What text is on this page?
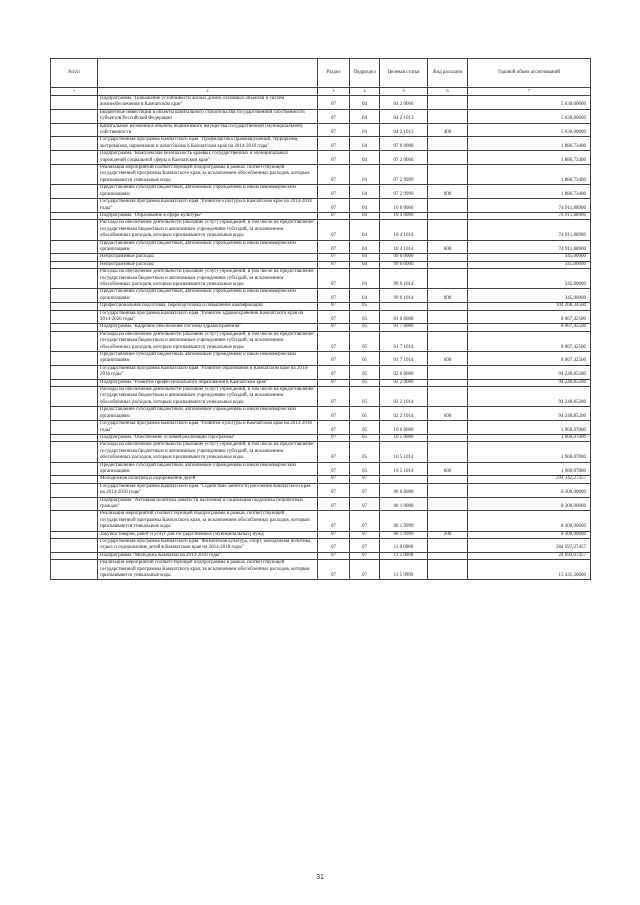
№п/п		Раздел	Подраздел	Целевая статья	Вид расходов	Годовой объем ассигнований
1	2	3	4	5	6	7
	Подпрограмма "Повышение устойчивости жилых домов, основных объектов и систем жизнеобеспечения в Камчатском крае"	07	04	04 2 0000		5 630,00000
	Бюджетные инвестиции в объекты капитального строительства государственной собственности субъектов Российской Федерации	07	04	04 2 1013		5 630,00000
	Капитальные вложения в объекты недвижимого имущества государственной (муниципальной) собственности	07	04	04 2 1013	400	5 630,00000
	Государственная программа Камчатского края "Профилактика правонарушений, терроризма, экстремизма, наркомании и алкоголизма в Камчатском крае на 2014-2018 годы"	07	04	07 0 0000		1 886,73400
	Подпрограмма "Комплексная безопасность краевых государственных и муниципальных учреждений социальной сферы в Камчатском крае"	07	04	07 2 0000		1 886,73400
	Реализация мероприятий соответствующей подпрограммы в рамках соответствующей государственной программы Камчатского края, за исключением обособленных расходов, которым присваиваются уникальные коды	07	04	07 2 9999		1 886,73400
	Предоставление субсидий бюджетным, автономным учреждениям и иным некоммерческим организациям	07	04	07 2 9999	600	1 886,73400
	Государственная программа Камчатского края "Развитие культуры в Камчатском крае на 2014-2018 годы"	07	04	10 0 0000		74 911,88900
	Подпрограмма "Образование в сфере культуры"	07	04	10 4 0000		74 911,88900
	Расходы на обеспечение деятельности (оказание услуг) учреждений, в том числе на предоставление государственным бюджетным и автономным учреждениям субсидий, за исключением обособленных расходов, которым присваиваются уникальные коды	07	04	10 4 1014		74 911,88900
	Предоставление субсидий бюджетным, автономным учреждениям и иным некоммерческим организациям	07	04	10 4 1014	600	74 911,88900
	Непрограммные расходы	07	04	99 0 0000		345,00000
	Непрограммные расходы	07	04	99 0 0000		345,00000
	Расходы на обеспечение деятельности (оказание услуг) учреждений, в том числе на предоставление государственным бюджетным и автономным учреждениям субсидий, за исключением обособленных расходов, которым присваиваются уникальные коды	07	04	99 0 1014		345,00000
	Предоставление субсидий бюджетным, автономным учреждениям и иным некоммерческим организациям	07	04	99 0 1014	600	345,00000
	Профессиональная подготовка, переподготовка и повышение квалификации	07	05			104 268,34500
	Государственная программа Камчатского края "Развитие здравоохранения Камчатского края на 2014-2020 годы"	07	05	01 0 0000		8 067,42500
	Подпрограмма "Кадровое обеспечение системы здравоохранения"	07	05	01 7 0000		8 067,42500
	Расходы на обеспечение деятельности (оказание услуг) учреждений, в том числе на предоставление государственным бюджетным и автономным учреждениям субсидий, за исключением обособленных расходов, которым присваиваются уникальные коды	07	05	01 7 1014		8 067,42500
	Предоставление субсидий бюджетным, автономным учреждениям и иным некоммерческим организациям	07	05	01 7 1014	600	8 067,42500
	Государственная программа Камчатского края "Развитие образования в Камчатском крае на 2014-2016 годы"	07	05	02 0 0000		94 240,85200
	Подпрограмма "Развитие профессионального образования в Камчатском крае"	07	05	02 2 0000		94 240,85200
	Расходы на обеспечение деятельности (оказание услуг) учреждений, в том числе на предоставление государственным бюджетным и автономным учреждениям субсидий, за исключением обособленных расходов, которым присваиваются уникальные коды	07	05	02 2 1014		94 240,85200
	Предоставление субсидий бюджетным, автономным учреждениям и иным некоммерческим организациям	07	05	02 2 1014	600	94 240,85200
	Государственная программа Камчатского края "Развитие культуры в Камчатском крае на 2014-2018 годы"	07	05	10 0 0000		1 960,07000
	Подпрограмма "Обеспечение условий реализации Программы"	07	05	10 5 0000		1 960,07000
	Расходы на обеспечение деятельности (оказание услуг) учреждений, в том числе на предоставление государственным бюджетным и автономным учреждениям субсидий, за исключением обособленных расходов, которым присваиваются уникальные коды	07	05	10 5 1014		1 960,07000
	Предоставление субсидий бюджетным, автономным учреждениям и иным некоммерческим организациям	07	05	10 5 1014	600	1 960,07000
	Молодежная политика и оздоровление детей	07	07			294 342,27457
	Государственная программа Камчатского края "Содействие занятости населения Камчатского края на 2014-2018 годы"	07	07	06 0 0000		8 300,00000
	Подпрограмма "Активная политика занятости населения и социальная поддержка безработных граждан"	07	07	06 1 0000		8 300,00000
	Реализация мероприятий соответствующей подпрограммы в рамках соответствующей государственной программы Камчатского края, за исключением обособленных расходов, которым присваиваются уникальные коды	07	07	06 1 9999		8 300,00000
	Закупка товаров, работ и услуг для государственных (муниципальных) нужд	07	07	06 1 9999	200	8 300,00000
	Государственная программа Камчатского края "Физическая культура, спорт, молодежная политика, отдых и оздоровление детей в Камчатском крае на 2014-2018 годы"	07	07	11 0 0000		284 597,27457
	Подпрограмма "Молодежь Камчатки на 2014-2018 годы"	07	07	11 5 0000		24 694,67457
	Реализация мероприятий соответствующей подпрограммы в рамках соответствующей государственной программы Камчатского края, за исключением обособленных расходов, которым присваиваются уникальные коды	07	07	11 5 9999		15 431,26000
31
